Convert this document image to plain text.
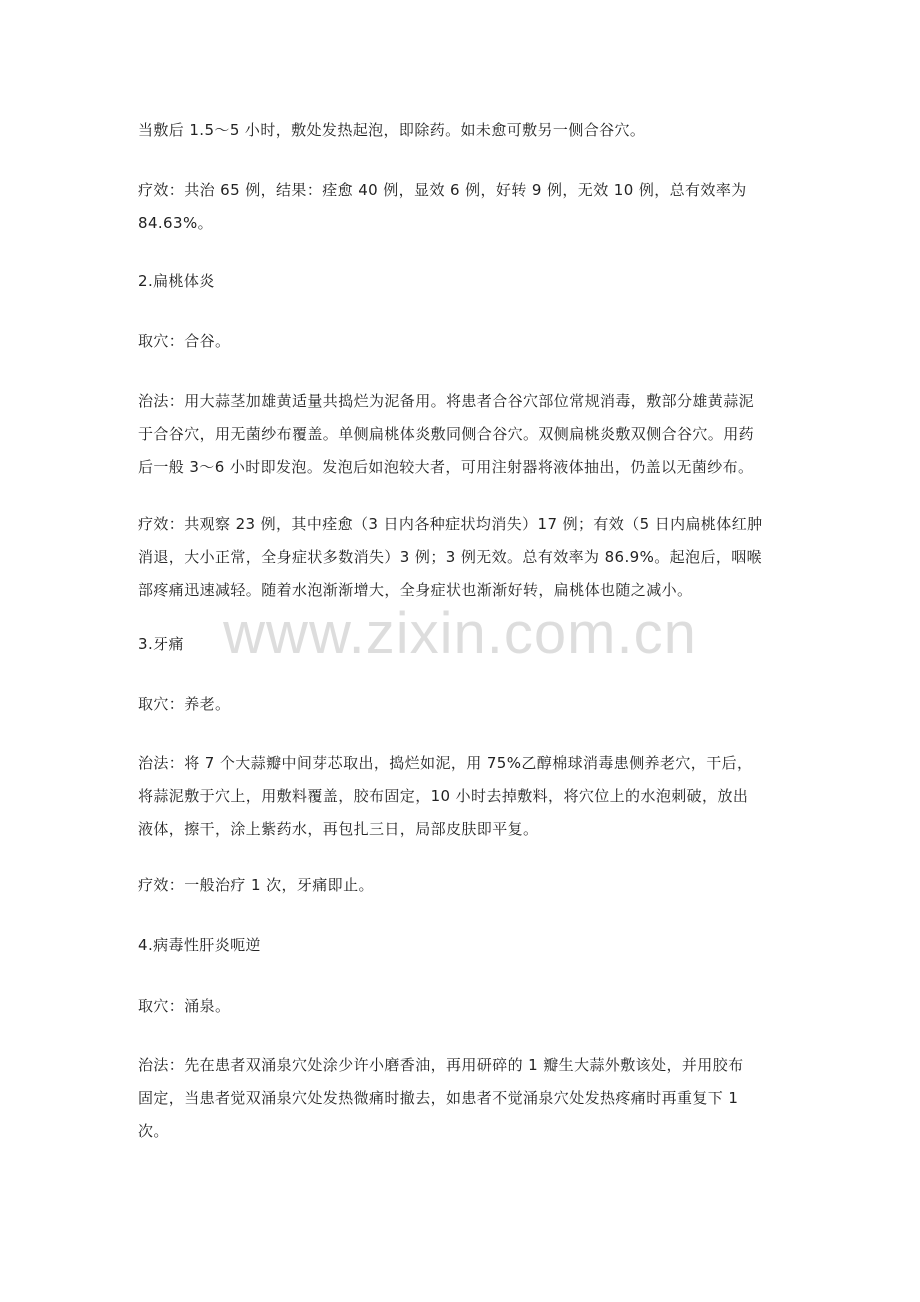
当敷后 1.5～5 小时，敷处发热起泡，即除药。如未愈可敷另一侧合谷穴。

疗效：共治 65 例，结果：痊愈 40 例，显效 6 例，好转 9 例，无效 10 例，总有效率为
84.63%。

2.扁桃体炎

取穴：合谷。

治法：用大蒜茎加雄黄适量共捣烂为泥备用。将患者合谷穴部位常规消毒，敷部分雄黄蒜泥
于合谷穴，用无菌纱布覆盖。单侧扁桃体炎敷同侧合谷穴。双侧扁桃炎敷双侧合谷穴。用药
后一般 3～6 小时即发泡。发泡后如泡较大者，可用注射器将液体抽出，仍盖以无菌纱布。

疗效：共观察 23 例，其中痊愈（3 日内各种症状均消失）17 例；有效（5 日内扁桃体红肿
消退，大小正常，全身症状多数消失）3 例；3 例无效。总有效率为 86.9%。起泡后，咽喉
部疼痛迅速减轻。随着水泡渐渐增大，全身症状也渐渐好转，扁桃体也随之减小。

www.zixin.com.cn

3.牙痛

取穴：养老。

治法：将 7 个大蒜瓣中间芽芯取出，捣烂如泥，用 75%乙醇棉球消毒患侧养老穴，干后，
将蒜泥敷于穴上，用敷料覆盖，胶布固定，10 小时去掉敷料，将穴位上的水泡刺破，放出
液体，擦干，涂上紫药水，再包扎三日，局部皮肤即平复。

疗效：一般治疗 1 次，牙痛即止。

4.病毒性肝炎呃逆

取穴：涌泉。

治法：先在患者双涌泉穴处涂少许小磨香油，再用研碎的 1 瓣生大蒜外敷该处，并用胶布
固定，当患者觉双涌泉穴处发热微痛时撤去，如患者不觉涌泉穴处发热疼痛时再重复下 1
次。
